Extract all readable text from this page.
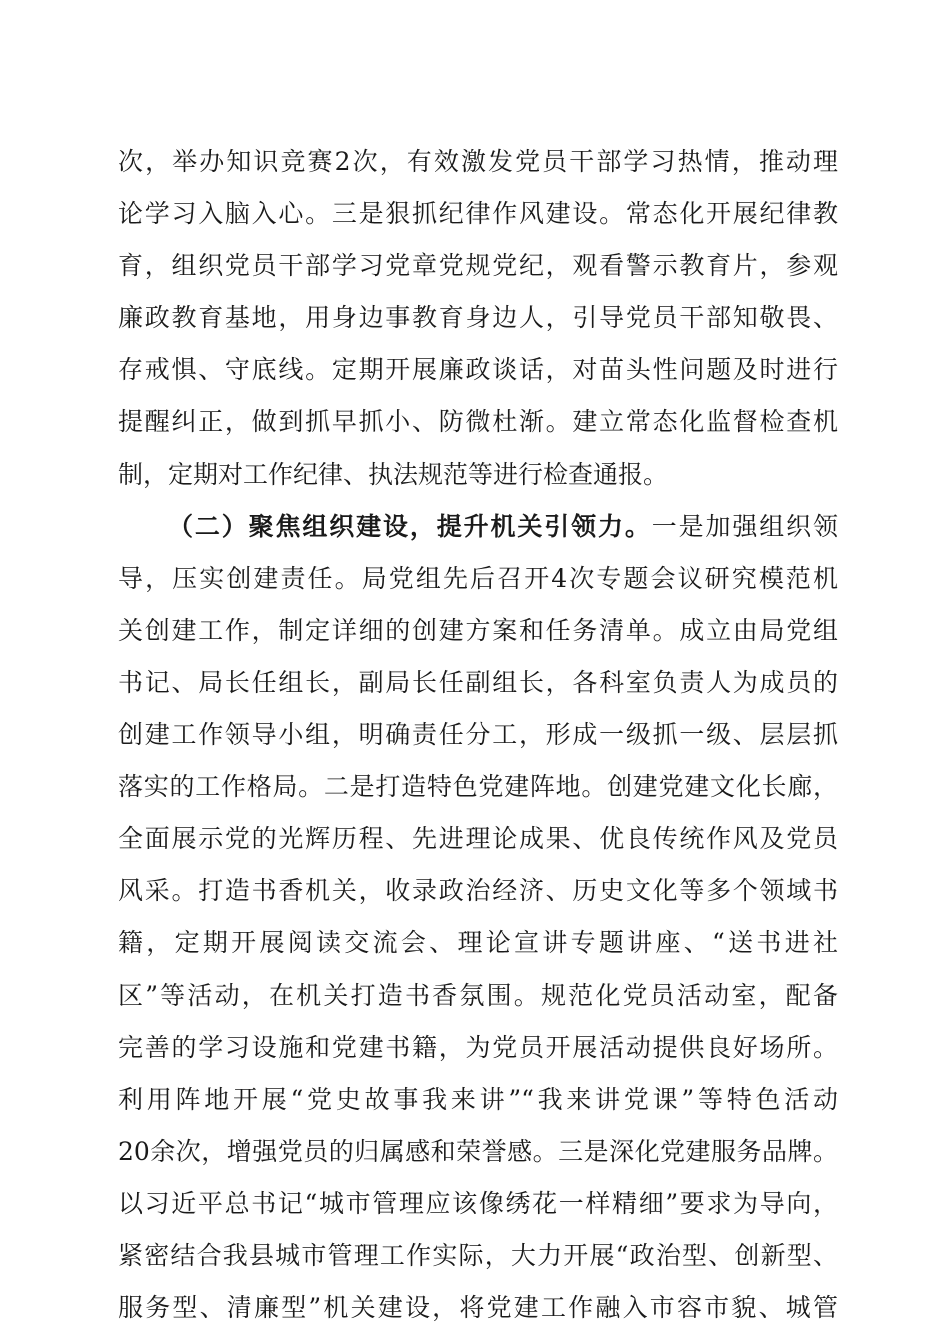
次，举办知识竞赛2次，有效激发党员干部学习热情，推动理
论学习入脑入心。三是狠抓纪律作风建设。常态化开展纪律教
育，组织党员干部学习党章党规党纪，观看警示教育片，参观
廉政教育基地，用身边事教育身边人，引导党员干部知敬畏、
存戒惧、守底线。定期开展廉政谈话，对苗头性问题及时进行
提醒纠正，做到抓早抓小、防微杜渐。建立常态化监督检查机
制，定期对工作纪律、执法规范等进行检查通报。
（二）聚焦组织建设，提升机关引领力。一是加强组织领
导，压实创建责任。局党组先后召开4次专题会议研究模范机
关创建工作，制定详细的创建方案和任务清单。成立由局党组
书记、局长任组长，副局长任副组长，各科室负责人为成员的
创建工作领导小组，明确责任分工，形成一级抓一级、层层抓
落实的工作格局。二是打造特色党建阵地。创建党建文化长廊，
全面展示党的光辉历程、先进理论成果、优良传统作风及党员
风采。打造书香机关，收录政治经济、历史文化等多个领域书
籍，定期开展阅读交流会、理论宣讲专题讲座、“送书进社
区”等活动，在机关打造书香氛围。规范化党员活动室，配备
完善的学习设施和党建书籍，为党员开展活动提供良好场所。
利用阵地开展“党史故事我来讲”“我来讲党课”等特色活动
20余次，增强党员的归属感和荣誉感。三是深化党建服务品牌。
以习近平总书记“城市管理应该像绣花一样精细”要求为导向，
紧密结合我县城市管理工作实际，大力开展“政治型、创新型、
服务型、清廉型”机关建设，将党建工作融入市容市貌、城管
